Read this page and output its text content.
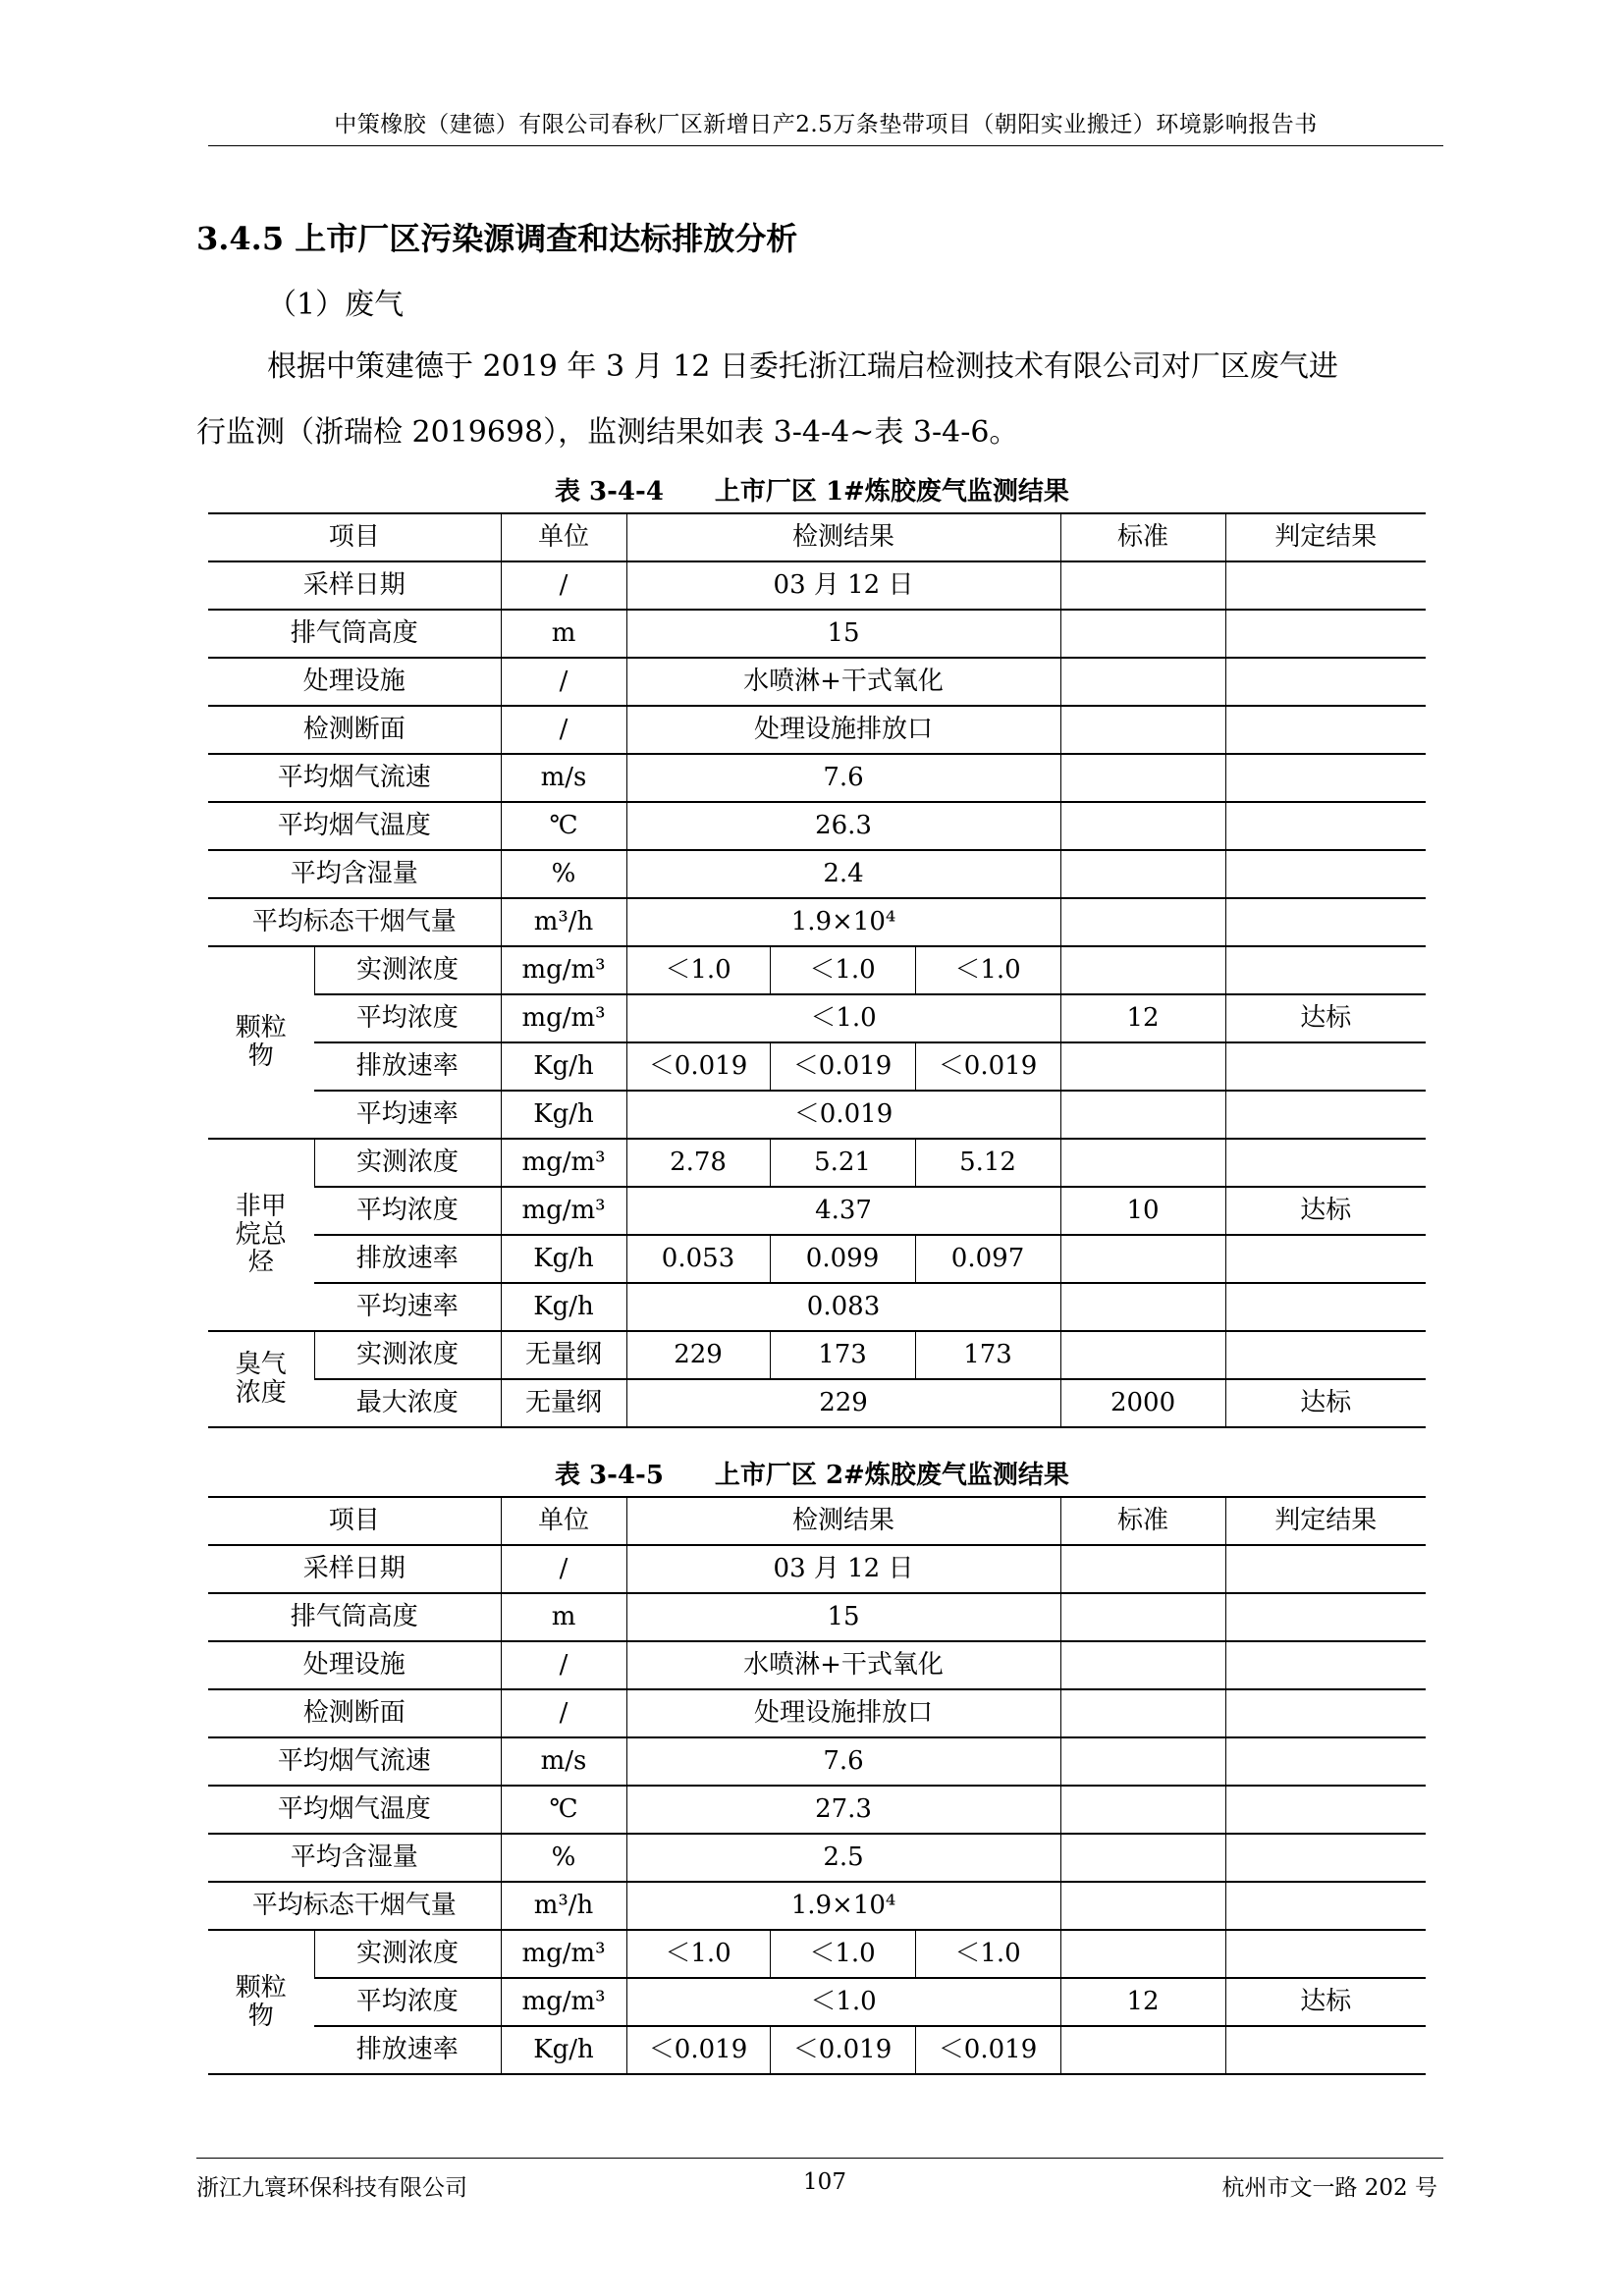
中策橡胶（建德）有限公司春秋厂区新增日产2.5万条垫带项目（朝阳实业搬迁）环境影响报告书
3.4.5 上市厂区污染源调查和达标排放分析
（1）废气
根据中策建德于 2019 年 3 月 12 日委托浙江瑞启检测技术有限公司对厂区废气进
行监测（浙瑞检 2019698），监测结果如表 3-4-4~表 3-4-6。
表 3-4-4　　上市厂区 1#炼胶废气监测结果
项目		单位	检测结果			标准	判定结果
采样日期		/	03 月 12 日				
排气筒高度		m	15				
处理设施		/	水喷淋+干式氧化				
检测断面		/	处理设施排放口				
平均烟气流速		m/s	7.6				
平均烟气温度		℃	26.3				
平均含湿量		%	2.4				
平均标态干烟气量		m³/h	1.9×10⁴				
颗粒物	实测浓度	mg/m³	＜1.0	＜1.0	＜1.0		
	平均浓度	mg/m³	＜1.0			12	达标
	排放速率	Kg/h	＜0.019	＜0.019	＜0.019		
	平均速率	Kg/h	＜0.019				
非甲烷总烃	实测浓度	mg/m³	2.78	5.21	5.12		
	平均浓度	mg/m³	4.37			10	达标
	排放速率	Kg/h	0.053	0.099	0.097		
	平均速率	Kg/h	0.083				
臭气浓度	实测浓度	无量纲	229	173	173		
	最大浓度	无量纲	229			2000	达标
表 3-4-5　　上市厂区 2#炼胶废气监测结果
项目		单位	检测结果			标准	判定结果
采样日期		/	03 月 12 日				
排气筒高度		m	15				
处理设施		/	水喷淋+干式氧化				
检测断面		/	处理设施排放口				
平均烟气流速		m/s	7.6				
平均烟气温度		℃	27.3				
平均含湿量		%	2.5				
平均标态干烟气量		m³/h	1.9×10⁴				
颗粒物	实测浓度	mg/m³	＜1.0	＜1.0	＜1.0		
	平均浓度	mg/m³	＜1.0			12	达标
	排放速率	Kg/h	＜0.019	＜0.019	＜0.019		
浙江九寰环保科技有限公司	107	杭州市文一路 202 号
